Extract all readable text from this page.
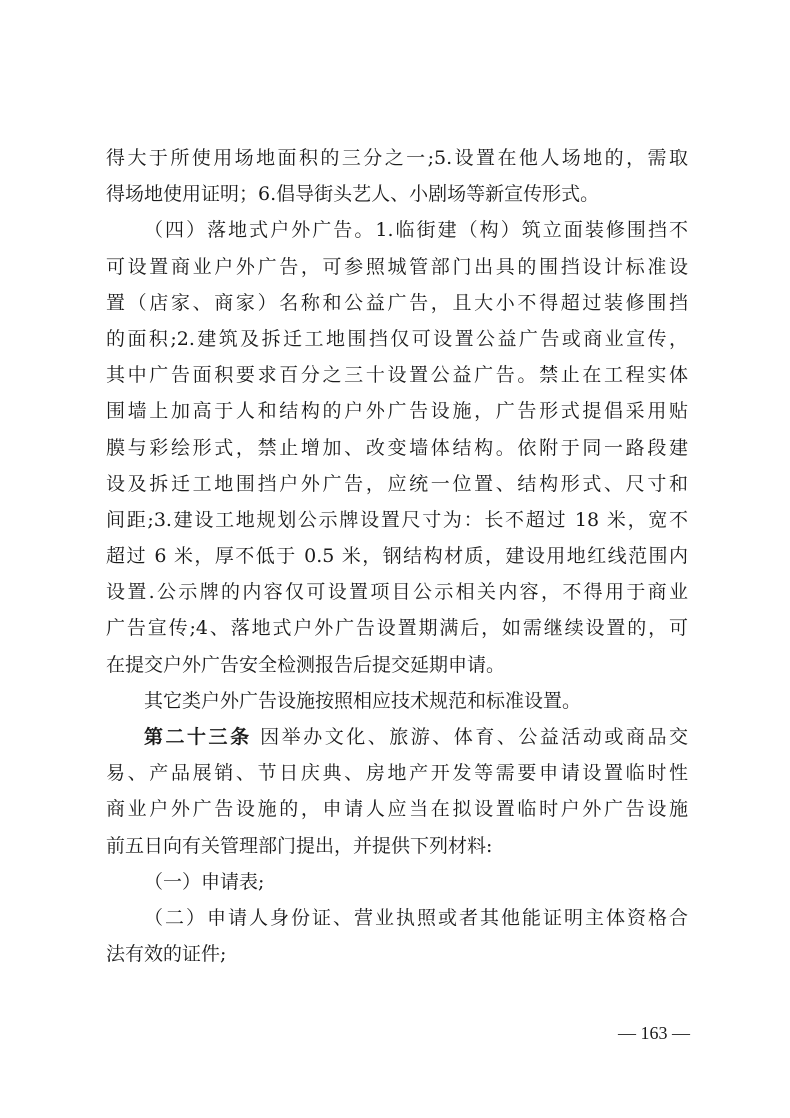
得大于所使用场地面积的三分之一;5.设置在他人场地的，需取
得场地使用证明；6.倡导街头艺人、小剧场等新宣传形式。
（四）落地式户外广告。1.临街建（构）筑立面装修围挡不
可设置商业户外广告，可参照城管部门出具的围挡设计标准设
置（店家、商家）名称和公益广告，且大小不得超过装修围挡
的面积;2.建筑及拆迁工地围挡仅可设置公益广告或商业宣传，
其中广告面积要求百分之三十设置公益广告。禁止在工程实体
围墙上加高于人和结构的户外广告设施，广告形式提倡采用贴
膜与彩绘形式，禁止增加、改变墙体结构。依附于同一路段建
设及拆迁工地围挡户外广告，应统一位置、结构形式、尺寸和
间距;3.建设工地规划公示牌设置尺寸为：长不超过 18 米，宽不
超过 6 米，厚不低于 0.5 米，钢结构材质，建设用地红线范围内
设置.公示牌的内容仅可设置项目公示相关内容，不得用于商业
广告宣传;4、落地式户外广告设置期满后，如需继续设置的，可
在提交户外广告安全检测报告后提交延期申请。
其它类户外广告设施按照相应技术规范和标准设置。
第二十三条 因举办文化、旅游、体育、公益活动或商品交
易、产品展销、节日庆典、房地产开发等需要申请设置临时性
商业户外广告设施的，申请人应当在拟设置临时户外广告设施
前五日向有关管理部门提出，并提供下列材料:
（一）申请表;
（二）申请人身份证、营业执照或者其他能证明主体资格合
法有效的证件;
— 163 —
